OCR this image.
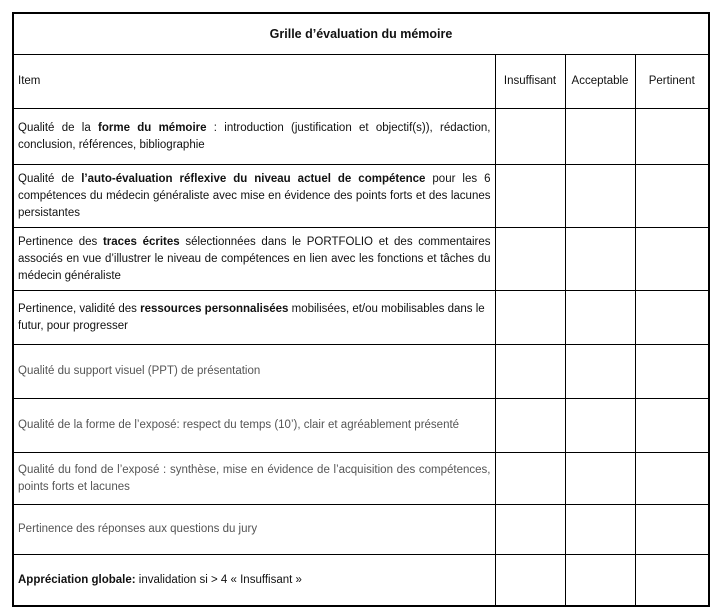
Grille d’évaluation du mémoire			
Item	Insuffisant	Acceptable	Pertinent
Qualité de la forme du mémoire : introduction (justification et objectif(s)), rédaction, conclusion, références, bibliographie			
Qualité de l’auto-évaluation réflexive du niveau actuel de compétence pour les 6 compétences du médecin généraliste avec mise en évidence des points forts et des lacunes persistantes			
Pertinence des traces écrites sélectionnées dans le PORTFOLIO et des commentaires associés en vue d’illustrer le niveau de compétences en lien avec les fonctions et tâches du médecin généraliste			
Pertinence, validité des ressources personnalisées mobilisées, et/ou mobilisables dans le futur, pour progresser			
Qualité du support visuel (PPT) de présentation			
Qualité de la forme de l’exposé: respect du temps (10’), clair et agréablement présenté			
Qualité du fond de l’exposé : synthèse, mise en évidence de l’acquisition des compétences, points forts et lacunes			
Pertinence des réponses aux questions du jury			
Appréciation globale: invalidation si > 4 « Insuffisant »			
